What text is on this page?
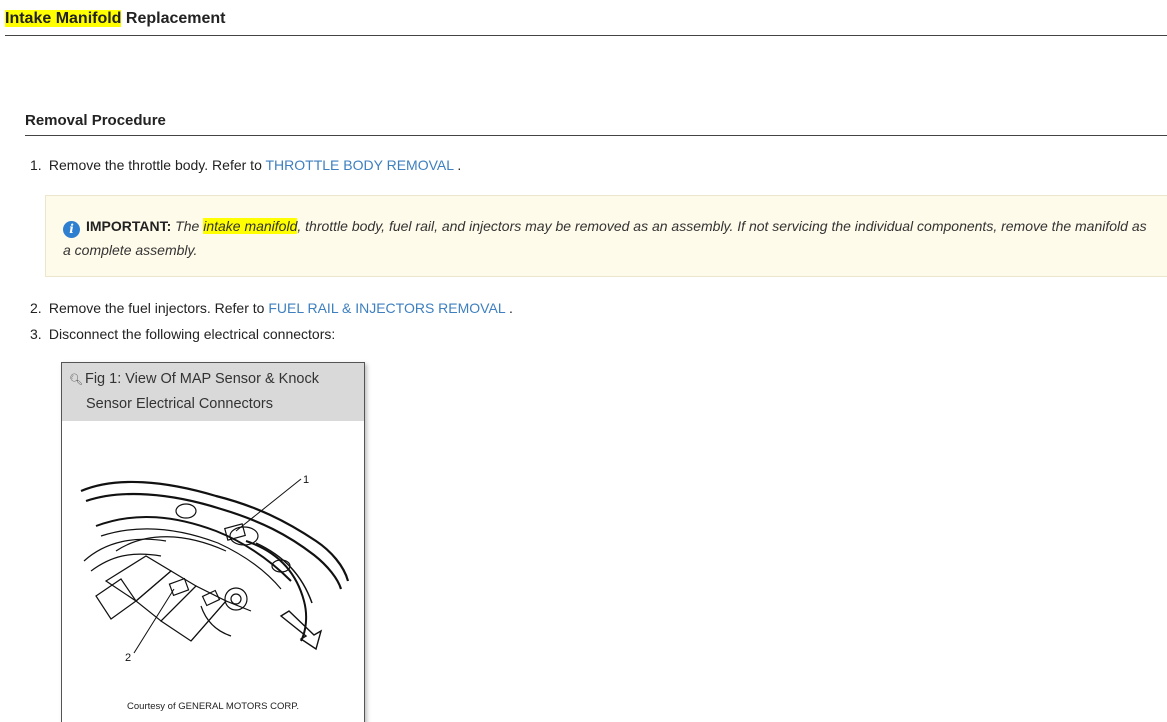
Intake Manifold Replacement
Removal Procedure
1. Remove the throttle body. Refer to THROTTLE BODY REMOVAL .
i IMPORTANT: The intake manifold, throttle body, fuel rail, and injectors may be removed as an assembly. If not servicing the individual components, remove the manifold as a complete assembly.
2. Remove the fuel injectors. Refer to FUEL RAIL & INJECTORS REMOVAL .
3. Disconnect the following electrical connectors:
🔍︎ Fig 1: View Of MAP Sensor & Knock
Sensor Electrical Connectors
1
2
Courtesy of GENERAL MOTORS CORP.
